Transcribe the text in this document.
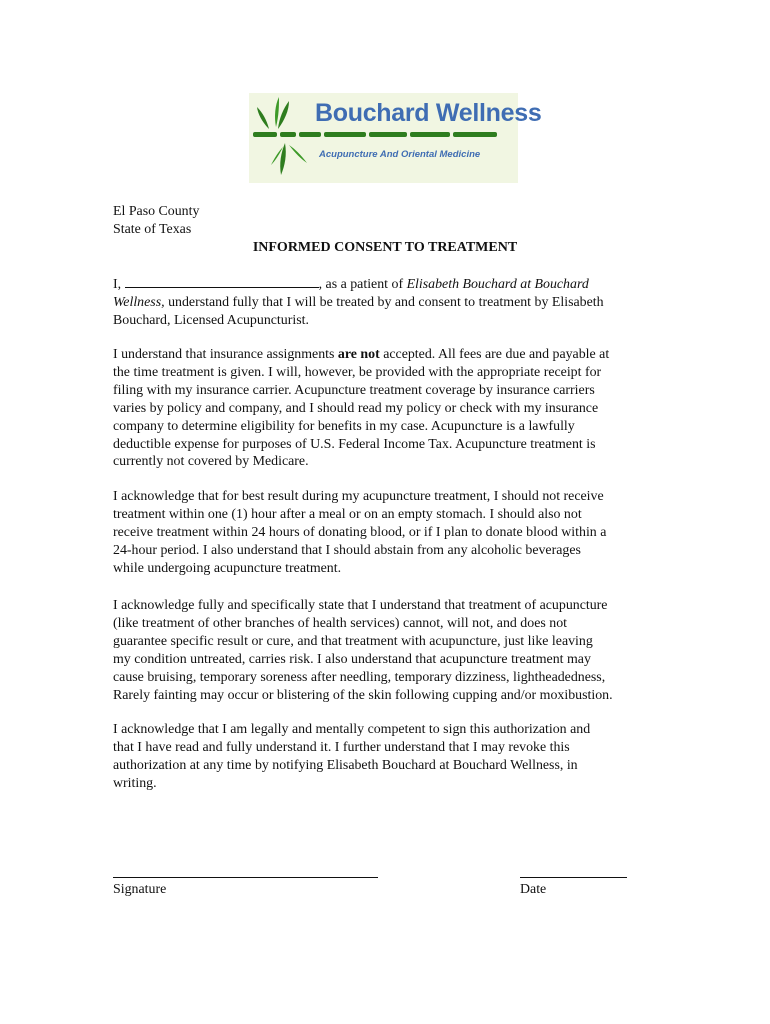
Bouchard Wellness
Acupuncture And Oriental Medicine
El Paso County
State of Texas
INFORMED CONSENT TO TREATMENT
I,	, as a patient of Elisabeth Bouchard at Bouchard
Wellness, understand fully that I will be treated by and consent to treatment by Elisabeth
Bouchard, Licensed Acupuncturist.
I understand that insurance assignments are not accepted. All fees are due and payable at
the time treatment is given. I will, however, be provided with the appropriate receipt for
filing with my insurance carrier. Acupuncture treatment coverage by insurance carriers
varies by policy and company, and I should read my policy or check with my insurance
company to determine eligibility for benefits in my case. Acupuncture is a lawfully
deductible expense for purposes of U.S. Federal Income Tax. Acupuncture treatment is
currently not covered by Medicare.
I acknowledge that for best result during my acupuncture treatment, I should not receive
treatment within one (1) hour after a meal or on an empty stomach. I should also not
receive treatment within 24 hours of donating blood, or if I plan to donate blood within a
24-hour period. I also understand that I should abstain from any alcoholic beverages
while undergoing acupuncture treatment.
I acknowledge fully and specifically state that I understand that treatment of acupuncture
(like treatment of other branches of health services) cannot, will not, and does not
guarantee specific result or cure, and that treatment with acupuncture, just like leaving
my condition untreated, carries risk. I also understand that acupuncture treatment may
cause bruising, temporary soreness after needling, temporary dizziness, lightheadedness,
Rarely fainting may occur or blistering of the skin following cupping and/or moxibustion.
I acknowledge that I am legally and mentally competent to sign this authorization and
that I have read and fully understand it. I further understand that I may revoke this
authorization at any time by notifying Elisabeth Bouchard at Bouchard Wellness, in
writing.
Signature	Date
